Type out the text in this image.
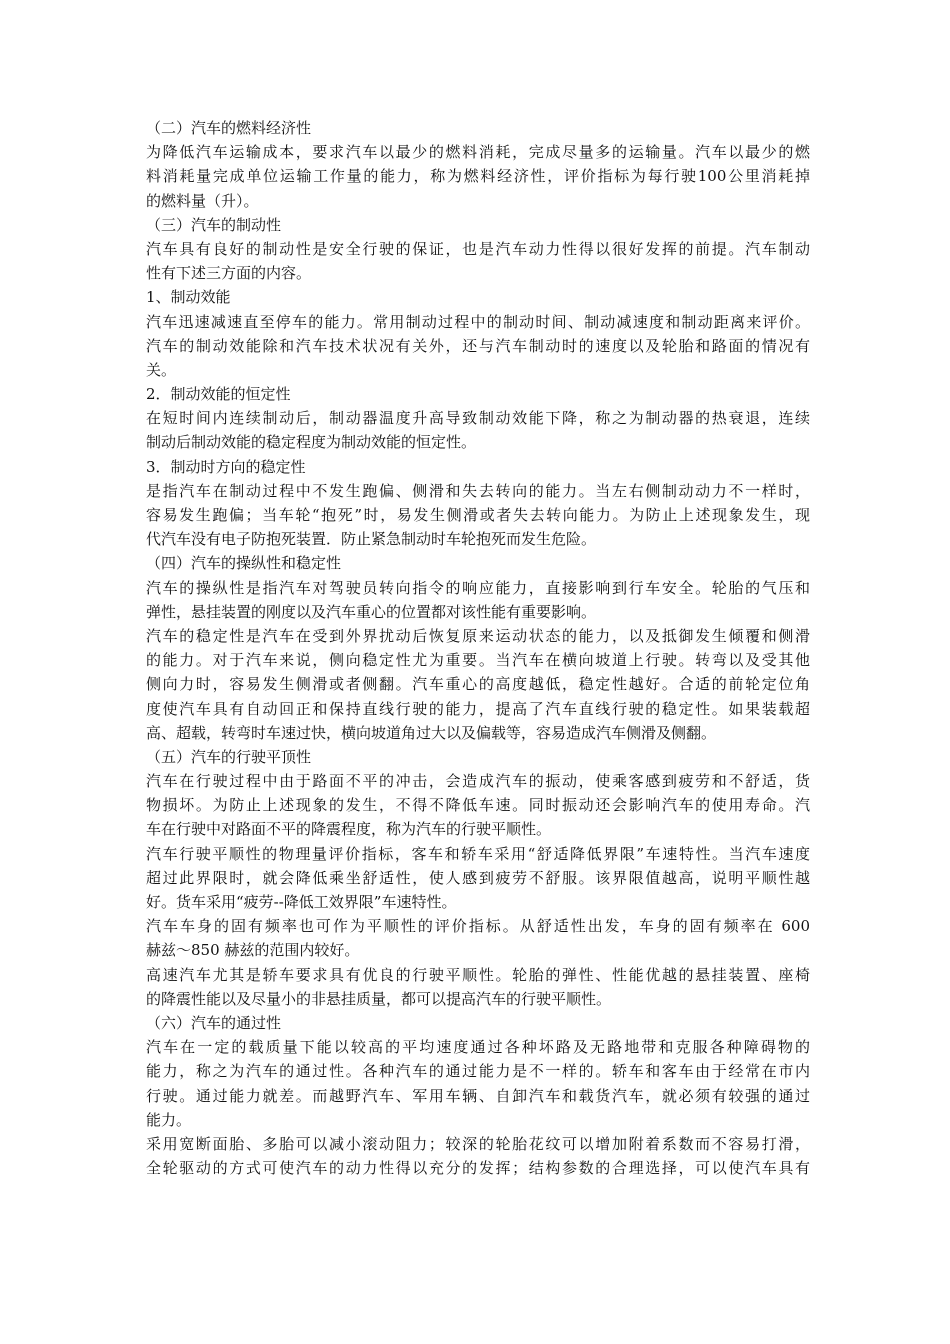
（二）汽车的燃料经济性
为降低汽车运输成本，要求汽车以最少的燃料消耗，完成尽量多的运输量。汽车以最少的燃
料消耗量完成单位运输工作量的能力，称为燃料经济性，评价指标为每行驶100公里消耗掉
的燃料量（升）。
（三）汽车的制动性
汽车具有良好的制动性是安全行驶的保证，也是汽车动力性得以很好发挥的前提。汽车制动
性有下述三方面的内容。
1、制动效能
汽车迅速减速直至停车的能力。常用制动过程中的制动时间、制动减速度和制动距离来评价。
汽车的制动效能除和汽车技术状况有关外，还与汽车制动时的速度以及轮胎和路面的情况有
关。
2．制动效能的恒定性
在短时间内连续制动后，制动器温度升高导致制动效能下降，称之为制动器的热衰退，连续
制动后制动效能的稳定程度为制动效能的恒定性。
3．制动时方向的稳定性
是指汽车在制动过程中不发生跑偏、侧滑和失去转向的能力。当左右侧制动动力不一样时，
容易发生跑偏；当车轮“抱死”时，易发生侧滑或者失去转向能力。为防止上述现象发生，现
代汽车没有电子防抱死装置．防止紧急制动时车轮抱死而发生危险。
（四）汽车的操纵性和稳定性
汽车的操纵性是指汽车对驾驶员转向指令的响应能力，直接影响到行车安全。轮胎的气压和
弹性，悬挂装置的刚度以及汽车重心的位置都对该性能有重要影响。
汽车的稳定性是汽车在受到外界扰动后恢复原来运动状态的能力，以及抵御发生倾覆和侧滑
的能力。对于汽车来说，侧向稳定性尤为重要。当汽车在横向坡道上行驶。转弯以及受其他
侧向力时，容易发生侧滑或者侧翻。汽车重心的高度越低，稳定性越好。合适的前轮定位角
度使汽车具有自动回正和保持直线行驶的能力，提高了汽车直线行驶的稳定性。如果装载超
高、超载，转弯时车速过快，横向坡道角过大以及偏载等，容易造成汽车侧滑及侧翻。
（五）汽车的行驶平顶性
汽车在行驶过程中由于路面不平的冲击，会造成汽车的振动，使乘客感到疲劳和不舒适，货
物损坏。为防止上述现象的发生，不得不降低车速。同时振动还会影响汽车的使用寿命。汽
车在行驶中对路面不平的降震程度，称为汽车的行驶平顺性。
汽车行驶平顺性的物理量评价指标，客车和轿车采用“舒适降低界限”车速特性。当汽车速度
超过此界限时，就会降低乘坐舒适性，使人感到疲劳不舒服。该界限值越高，说明平顺性越
好。货车采用“疲劳--降低工效界限”车速特性。
汽车车身的固有频率也可作为平顺性的评价指标。从舒适性出发，车身的固有频率在 600
赫兹～850 赫兹的范围内较好。
高速汽车尤其是轿车要求具有优良的行驶平顺性。轮胎的弹性、性能优越的悬挂装置、座椅
的降震性能以及尽量小的非悬挂质量，都可以提高汽车的行驶平顺性。
（六）汽车的通过性
汽车在一定的载质量下能以较高的平均速度通过各种坏路及无路地带和克服各种障碍物的
能力，称之为汽车的通过性。各种汽车的通过能力是不一样的。轿车和客车由于经常在市内
行驶。通过能力就差。而越野汽车、军用车辆、自卸汽车和载货汽车，就必须有较强的通过
能力。
采用宽断面胎、多胎可以减小滚动阻力；较深的轮胎花纹可以增加附着系数而不容易打滑，
全轮驱动的方式可使汽车的动力性得以充分的发挥；结构参数的合理选择，可以使汽车具有
